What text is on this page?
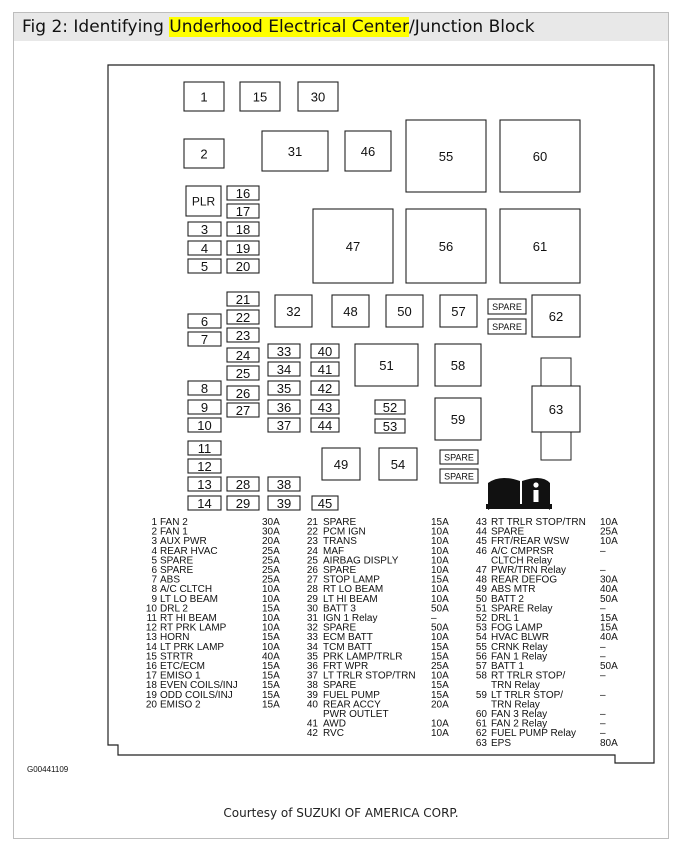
Fig 2: Identifying Underhood Electrical Center/Junction Block
1	15	30
2	31	46	55	60
PLR
16
17
3 18
4 19
5 20
47	56	61
21
22
6
23
7
24
25
8 26
9 27
10
11
12
13 28 38
14 29 39 45
32	48	50	57	SPARE
SPARE
62
33 40
34 41
35 42
36 43
37 44
51	58
52
53	59
63
49	54	SPARE
SPARE
1 FAN 2	30A
2 FAN 1	30A
3 AUX PWR	20A
4 REAR HVAC	25A
5 SPARE	25A
6 SPARE	25A
7 ABS	25A
8 A/C CLTCH	10A
9 LT LO BEAM	10A
10 DRL 2	15A
11 RT HI BEAM	10A
12 RT PRK LAMP	10A
13 HORN	15A
14 LT PRK LAMP	10A
15 STRTR	40A
16 ETC/ECM	15A
17 EMISO 1	15A
18 EVEN COILS/INJ 15A
19 ODD COILS/INJ	15A
20 EMISO 2	15A
21 SPARE	15A
22 PCM IGN	10A
23 TRANS	10A
24 MAF	10A
25 AIRBAG DISPLY	10A
26 SPARE	10A
27 STOP LAMP	15A
28 RT LO BEAM	10A
29 LT HI BEAM	10A
30 BATT 3	50A
31 IGN 1 Relay	–
32 SPARE	50A
33 ECM BATT	10A
34 TCM BATT	15A
35 PRK LAMP/TRLR	15A
36 FRT WPR	25A
37 LT TRLR STOP/TRN 10A
38 SPARE	15A
39 FUEL PUMP	15A
40 REAR ACCY	20A
PWR OUTLET
41 AWD	10A
42 RVC	10A
43 RT TRLR STOP/TRN 10A
44 SPARE	25A
45 FRT/REAR WSW	10A
46 A/C CMPRSR	–
CLTCH Relay
47 PWR/TRN Relay	–
48 REAR DEFOG	30A
49 ABS MTR	40A
50 BATT 2	50A
51 SPARE Relay	–
52 DRL 1	15A
53 FOG LAMP	15A
54 HVAC BLWR	40A
55 CRNK Relay	–
56 FAN 1 Relay	–
57 BATT 1	50A
58 RT TRLR STOP/	–
TRN Relay
59 LT TRLR STOP/	–
TRN Relay
60 FAN 3 Relay	–
61 FAN 2 Relay	–
62 FUEL PUMP Relay –
63 EPS	80A
G00441109
Courtesy of SUZUKI OF AMERICA CORP.
